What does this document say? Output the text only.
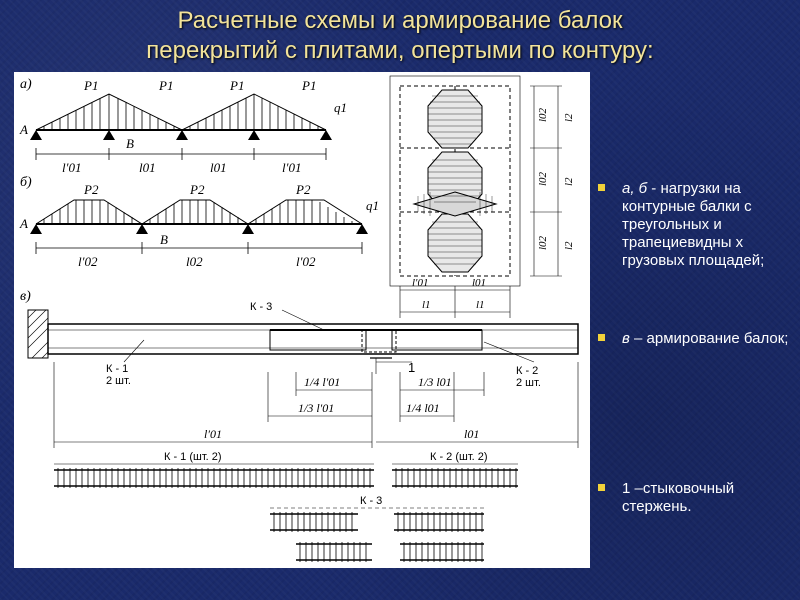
Расчетные схемы и армирование балок
перекрытий с плитами, опертыми по контуру:
а)
A
B
P1	P1	P1	P1
q1
l′01	l01	l01	l′01
б)
A
B
P2	P2	P2
q1
l′02	l02	l′02
l02 l2
l02 l2
l02 l2
l′01	l01
l1	l1
в)
1
К - 3
К - 1
2 шт.
К - 2
2 шт.
1/4 l′01	1/3 l01
1/3 l′01	1/4 l01
l′01	l01
К - 1 (шт. 2)	К - 2 (шт. 2)
К - 3

а, б - нагрузки на контурные балки с треугольных и трапециевидны х грузовых площадей;

в – армирование балок;

1 –стыковочный стержень.
